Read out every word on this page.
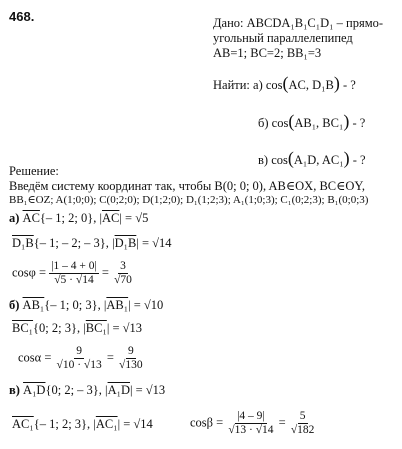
468.	Дано: ABCDA₁B₁C₁D₁ – прямо-
угольный параллелепипед
AB=1; BC=2; BB₁=3
Найти: а) cos(AC, D₁B) - ?
б) cos(AB₁, BC₁) - ?
в) cos(A₁D, AC₁) - ?
Решение:
Введём систему координат так, чтобы B(0; 0; 0), AB∈OX, BC∈OY,
BB₁∈OZ; A(1;0;0); C(0;2;0); D(1;2;0); D₁(1;2;3); A₁(1;0;3); C₁(0;2;3); B₁(0;0;3)
а) $\overline{AC}\{-$ 1; 2; 0}, $|\overline{AC}| = √5$
D₁B{– 1; – 2; – 3}, |D₁B| = √14
$\cos\varphi = \frac{|1 - 4 + 0|}{√5 \cdot √14} = \frac{3}{√70}$
б) AB₁{– 1; 0; 3}, |AB₁| = √10
BC₁{0; 2; 3}, |BC₁| = √13
$\cos\alpha = \frac{9}{√10 \cdot √13} = \frac{9}{√130}$
в) A₁D{0; 2; – 3}, |A₁D| = √13
AC₁{– 1; 2; 3}, |AC₁| = √14	$\cos\beta = \frac{|4 - 9|}{√13 \cdot √14} = \frac{5}{√182}$
